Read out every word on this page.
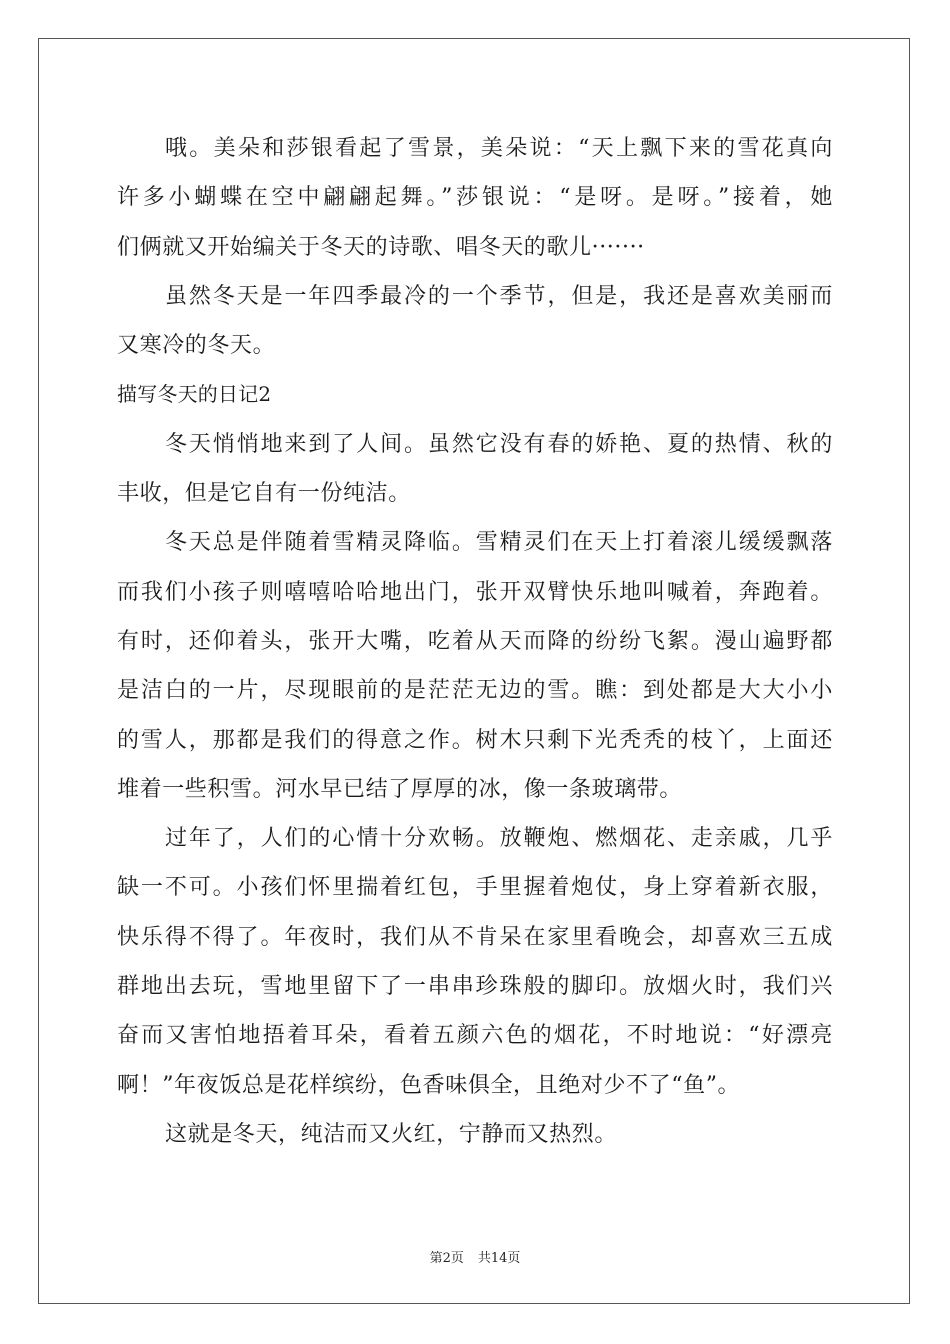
哦。美朵和莎银看起了雪景，美朵说：“天上飘下来的雪花真向
许多小蝴蝶在空中翩翩起舞。”莎银说：“是呀。是呀。”接着，她
们俩就又开始编关于冬天的诗歌、唱冬天的歌儿·······
虽然冬天是一年四季最冷的一个季节，但是，我还是喜欢美丽而
又寒冷的冬天。
描写冬天的日记2
冬天悄悄地来到了人间。虽然它没有春的娇艳、夏的热情、秋的
丰收，但是它自有一份纯洁。
冬天总是伴随着雪精灵降临。雪精灵们在天上打着滚儿缓缓飘落
而我们小孩子则嘻嘻哈哈地出门，张开双臂快乐地叫喊着，奔跑着。
有时，还仰着头，张开大嘴，吃着从天而降的纷纷飞絮。漫山遍野都
是洁白的一片，尽现眼前的是茫茫无边的雪。瞧：到处都是大大小小
的雪人，那都是我们的得意之作。树木只剩下光秃秃的枝丫，上面还
堆着一些积雪。河水早已结了厚厚的冰，像一条玻璃带。
过年了，人们的心情十分欢畅。放鞭炮、燃烟花、走亲戚，几乎
缺一不可。小孩们怀里揣着红包，手里握着炮仗，身上穿着新衣服，
快乐得不得了。年夜时，我们从不肯呆在家里看晚会，却喜欢三五成
群地出去玩，雪地里留下了一串串珍珠般的脚印。放烟火时，我们兴
奋而又害怕地捂着耳朵，看着五颜六色的烟花，不时地说：“好漂亮
啊！”年夜饭总是花样缤纷，色香味俱全，且绝对少不了“鱼”。
这就是冬天，纯洁而又火红，宁静而又热烈。
第2页 共14页
